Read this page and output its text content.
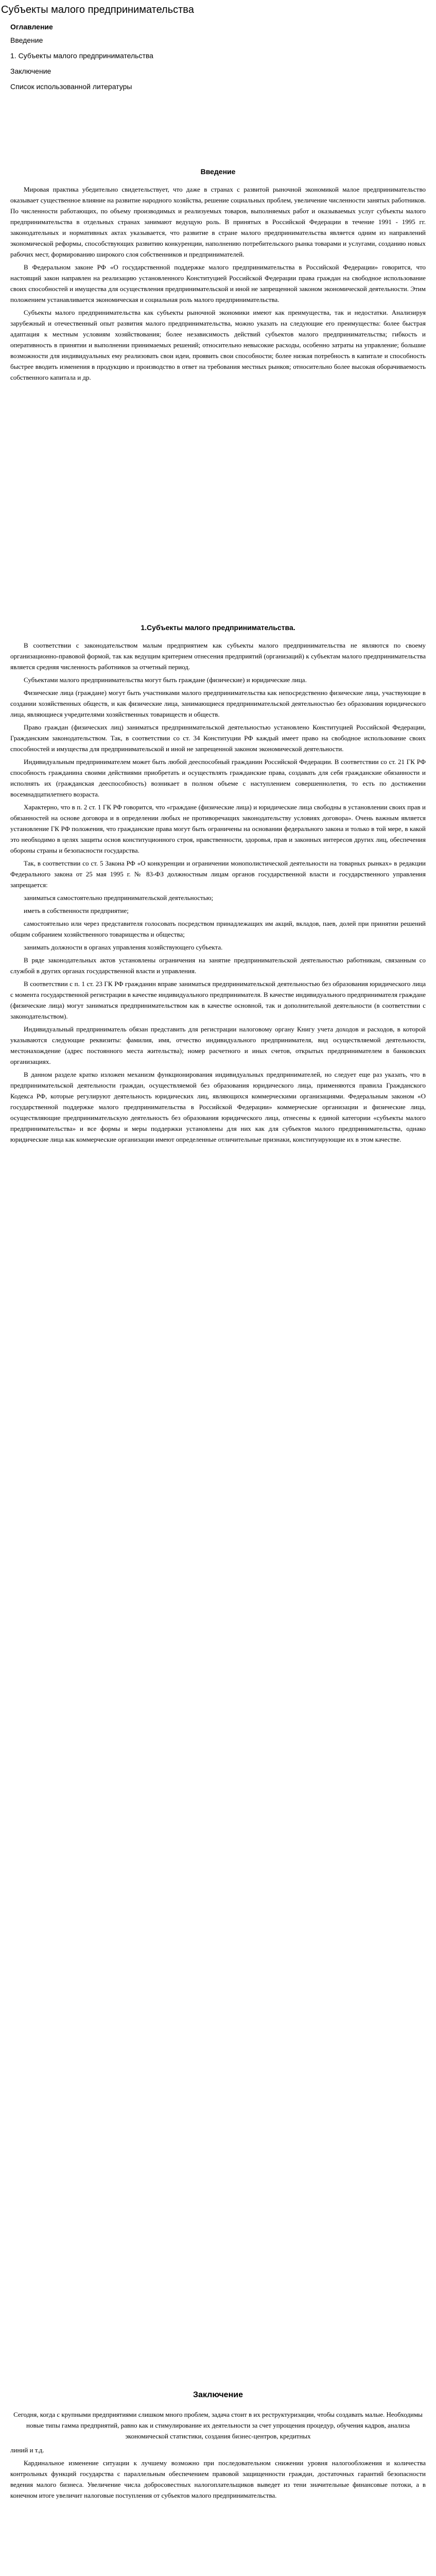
Субъекты малого предпринимательства
Оглавление
Введение
1. Субъекты малого предпринимательства
Заключение
Список использованной литературы
Введение

Мировая практика убедительно свидетельствует, что даже в странах с развитой рыночной экономикой малое предпринимательство оказывает существенное влияние на развитие народного хозяйства, решение социальных проблем, увеличение численности занятых работников. По численности работающих, по объему производимых и реализуемых товаров, выполняемых работ и оказываемых услуг субъекты малого предпринимательства в отдельных странах занимают ведущую роль. В принятых в Российской Федерации в течение 1991 - 1995 гг. законодательных и нормативных актах указывается, что развитие в стране малого предпринимательства является одним из направлений экономической реформы, способствующих развитию конкуренции, наполнению потребительского рынка товарами и услугами, созданию новых рабочих мест, формированию широкого слоя собственников и предпринимателей.

В Федеральном законе РФ «О государственной поддержке малого предпринимательства в Российской Федерации» говорится, что настоящий закон направлен на реализацию установленного Конституцией Российской Федерации права граждан на свободное использование своих способностей и имущества для осуществления предпринимательской и иной не запрещенной законом экономической деятельности. Этим положением устанавливается экономическая и социальная роль малого предпринимательства.

Субъекты малого предпринимательства как субъекты рыночной экономики имеют как преимущества, так и недостатки. Анализируя зарубежный и отечественный опыт развития малого предпринимательства, можно указать на следующие его преимущества: более быстрая адаптация к местным условиям хозяйствования; более независимость действий субъектов малого предпринимательства; гибкость и оперативность в принятии и выполнении принимаемых решений; относительно невысокие расходы, особенно затраты на управление; большие возможности для индивидуальных ему реализовать свои идеи, проявить свои способности; более низкая потребность в капитале и способность быстрее вводить изменения в продукцию и производство в ответ на требования местных рынков; относительно более высокая оборачиваемость собственного капитала и др.

1.Субъекты малого предпринимательства.

В соответствии с законодательством малым предприятием как субъекты малого предпринимательства не являются по своему организационно-правовой формой, так как ведущим критерием отнесения предприятий (организаций) к субъектам малого предпринимательства является средняя численность работников за отчетный период.

Субъектами малого предпринимательства могут быть граждане (физические) и юридические лица.

Физические лица (граждане) могут быть участниками малого предпринимательства как непосредственно физические лица, участвующие в создании хозяйственных обществ, и как физические лица, занимающиеся предпринимательской деятельностью без образования юридического лица, являющиеся учредителями хозяйственных товариществ и обществ.

Право граждан (физических лиц) заниматься предпринимательской деятельностью установлено Конституцией Российской Федерации, Гражданским законодательством. Так, в соответствии со ст. 34 Конституции РФ каждый имеет право на свободное использование своих способностей и имущества для предпринимательской и иной не запрещенной законом экономической деятельности.

Индивидуальным предпринимателем может быть любой дееспособный гражданин Российской Федерации. В соответствии со ст. 21 ГК РФ способность гражданина своими действиями приобретать и осуществлять гражданские права, создавать для себя гражданские обязанности и исполнять их (гражданская дееспособность) возникает в полном объеме с наступлением совершеннолетия, то есть по достижении восемнадцатилетнего возраста.

Характерно, что в п. 2 ст. 1 ГК РФ говорится, что «граждане (физические лица) и юридические лица свободны в установлении своих прав и обязанностей на основе договора и в определении любых не противоречащих законодательству условиях договора». Очень важным является установление ГК РФ положения, что гражданские права могут быть ограничены на основании федерального закона и только в той мере, в какой это необходимо в целях защиты основ конституционного строя, нравственности, здоровья, прав и законных интересов других лиц, обеспечения обороны страны и безопасности государства.

Так, в соответствии со ст. 5 Закона РФ «О конкуренции и ограничении монополистической деятельности на товарных рынках» в редакции Федерального закона от 25 мая 1995 г. № 83-ФЗ должностным лицам органов государственной власти и государственного управления запрещается:

заниматься самостоятельно предпринимательской деятельностью;

иметь в собственности предприятие;

самостоятельно или через представителя голосовать посредством принадлежащих им акций, вкладов, паев, долей при принятии решений общим собранием хозяйственного товарищества и общества;

занимать должности в органах управления хозяйствующего субъекта.

В ряде законодательных актов установлены ограничения на занятие предпринимательской деятельностью работникам, связанным со службой в других органах государственной власти и управления.

В соответствии с п. 1 ст. 23 ГК РФ гражданин вправе заниматься предпринимательской деятельностью без образования юридического лица с момента государственной регистрации в качестве индивидуального предпринимателя. В качестве индивидуального предпринимателя граждане (физические лица) могут заниматься предпринимательством как в качестве основной, так и дополнительной деятельности (в соответствии с законодательством).

Индивидуальный предприниматель обязан представить для регистрации налоговому органу Книгу учета доходов и расходов, в которой указываются следующие реквизиты: фамилия, имя, отчество индивидуального предпринимателя, вид осуществляемой деятельности, местонахождение (адрес постоянного места жительства); номер расчетного и иных счетов, открытых предпринимателем в банковских организациях.

В данном разделе кратко изложен механизм функционирования индивидуальных предпринимателей, но следует еще раз указать, что в предпринимательской деятельности граждан, осуществляемой без образования юридического лица, применяются правила Гражданского Кодекса РФ, которые регулируют деятельность юридических лиц, являющихся коммерческими организациями. Федеральным законом «О государственной поддержке малого предпринимательства в Российской Федерации» коммерческие организации и физические лица, осуществляющие предпринимательскую деятельность без образования юридического лица, отнесены к единой категории «субъекты малого предпринимательства» и все формы и меры поддержки установлены для них как для субъектов малого предпринимательства, однако юридические лица как коммерческие организации имеют определенные отличительные признаки, конституирующие их в этом качестве.

Заключение

Сегодня, когда с крупными предприятиями слишком много проблем, задача стоит в их реструктуризации, чтобы создавать малые. Необходимы новые типы гамма предприятий, равно как и стимулирование их деятельности за счет упрощения процедур, обучения кадров, анализа экономической статистики, создания бизнес-центров, кредитных

линий и т.д.

Кардинальное изменение ситуации к лучшему возможно при последовательном снижении уровня налогообложения и количества контрольных функций государства с параллельным обеспечением правовой защищенности граждан, достаточных гарантий безопасности ведения малого бизнеса. Увеличение числа добросовестных налогоплательщиков выведет из тени значительные финансовые потоки, а в конечном итоге увеличит налоговые поступления от субъектов малого предпринимательства.
